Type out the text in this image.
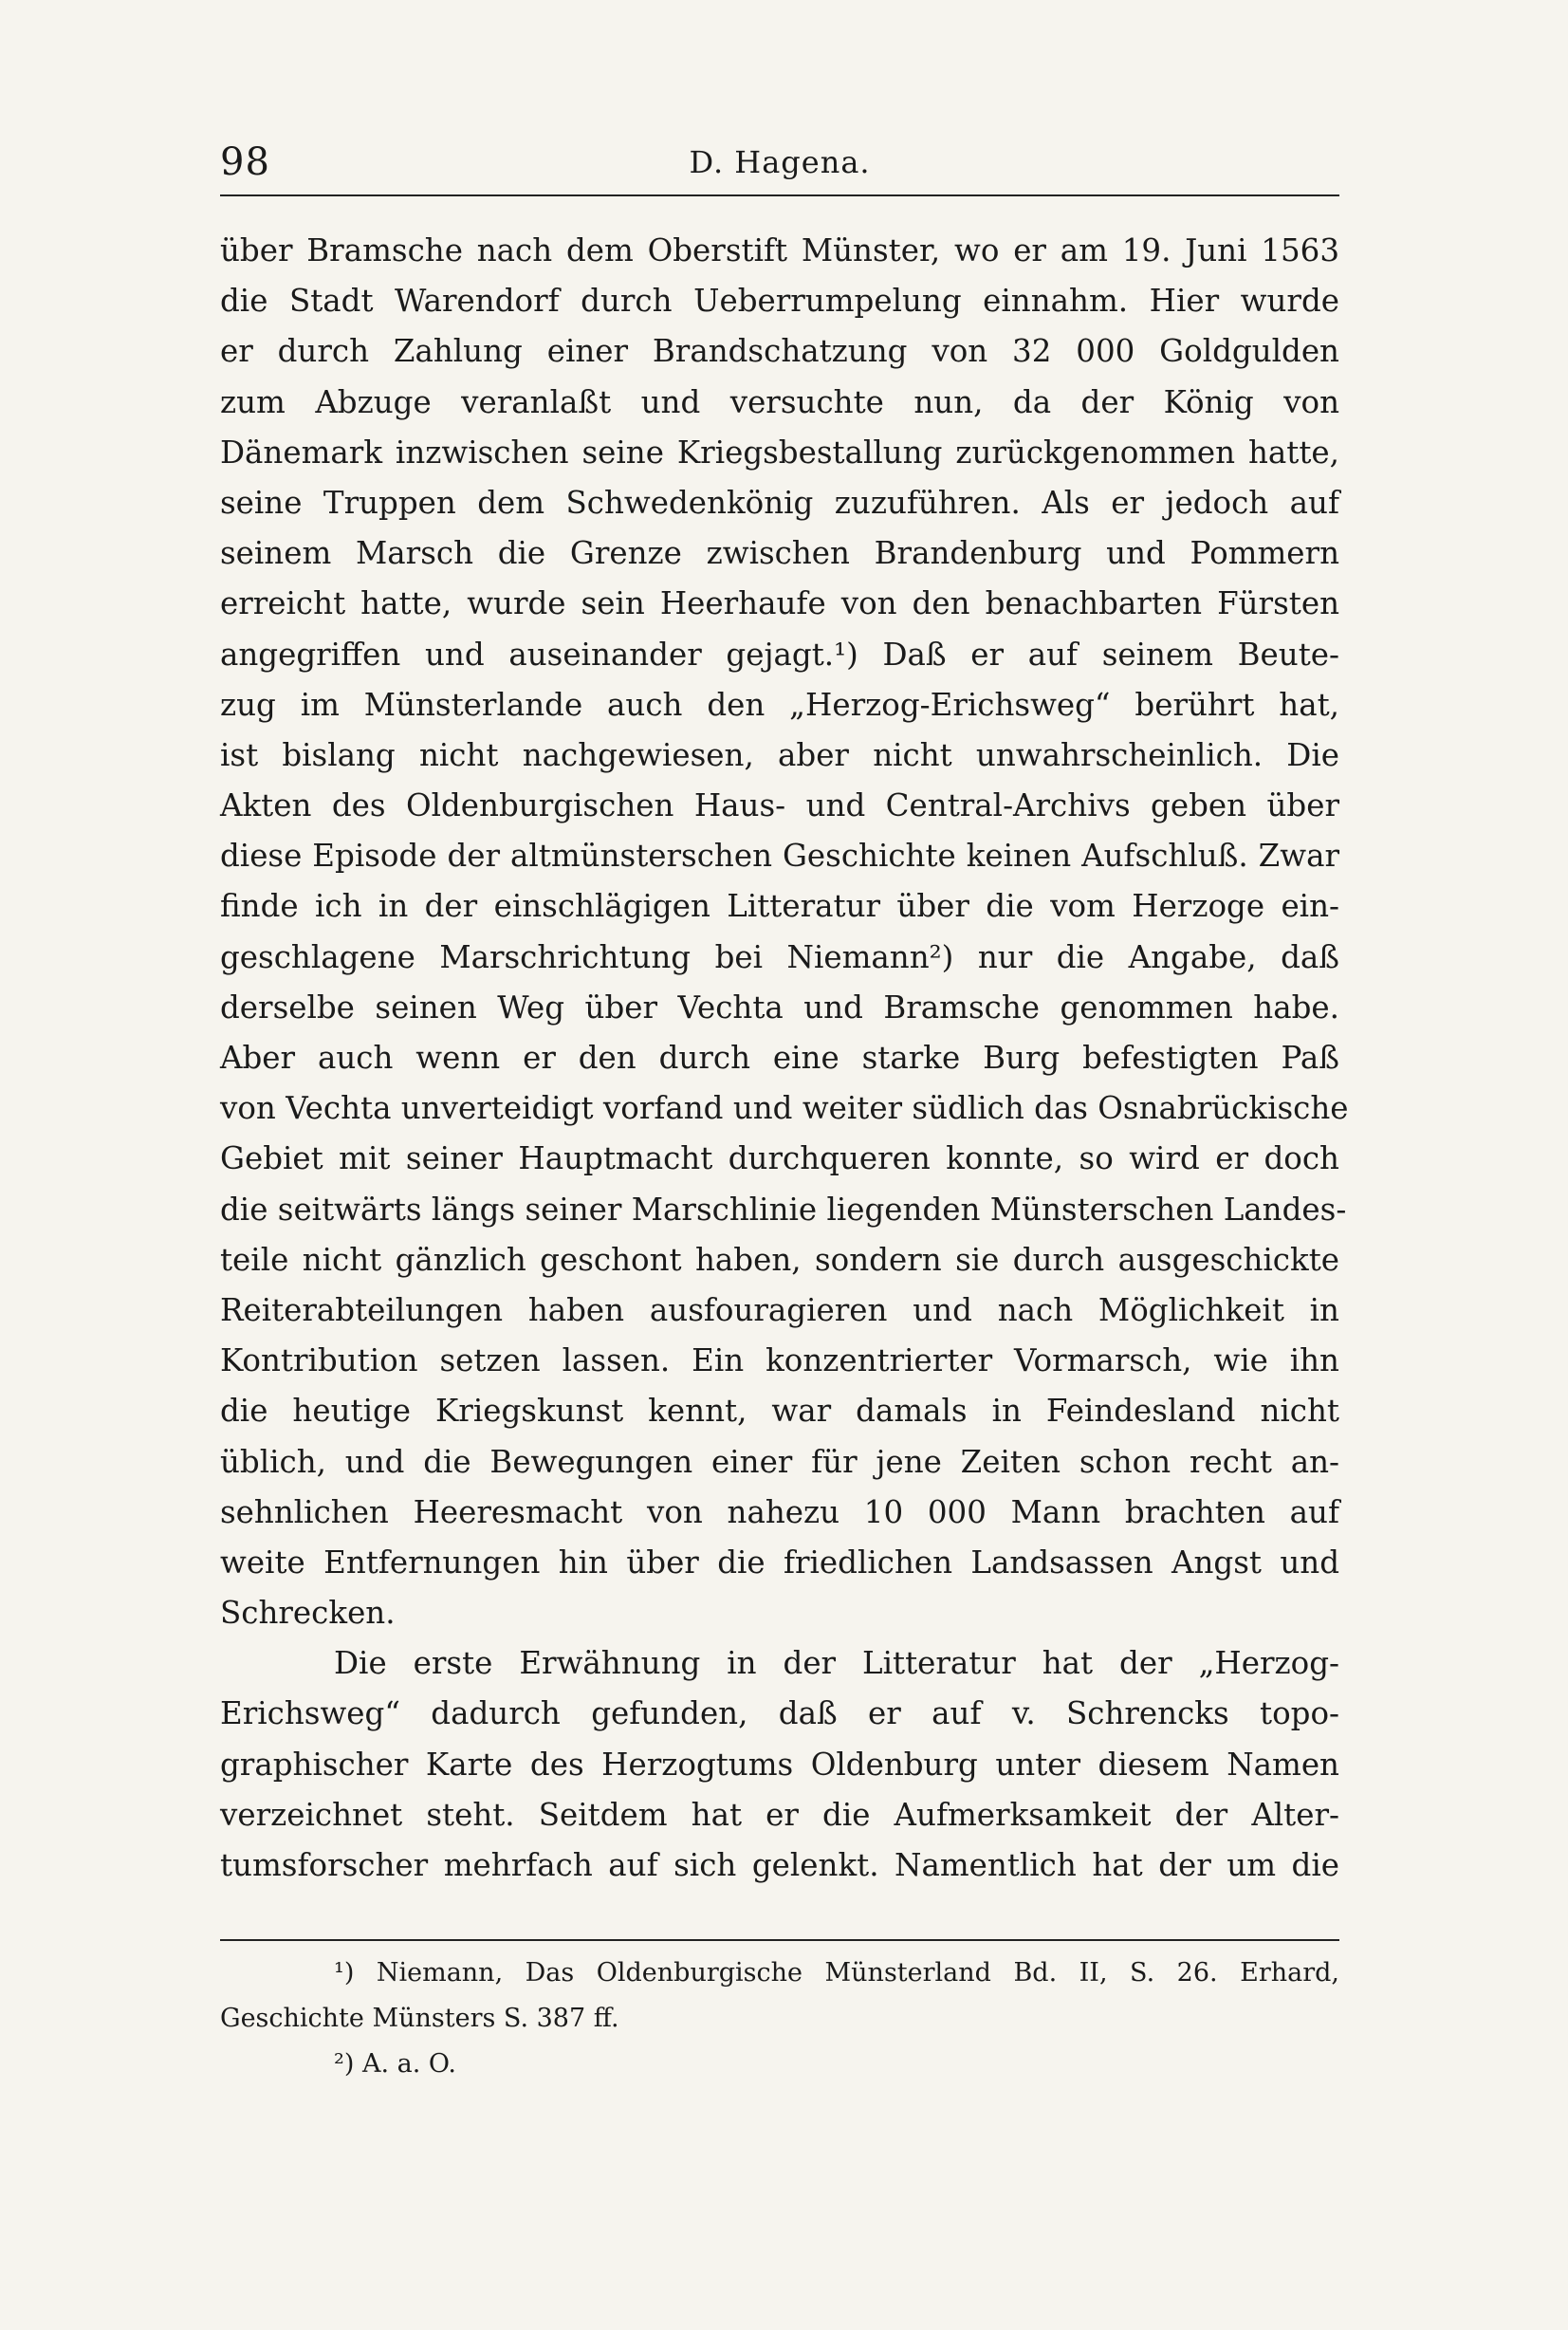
98	D. Hagena.
über Bramsche nach dem Oberstift Münster, wo er am 19. Juni 1563
die Stadt Warendorf durch Ueberrumpelung einnahm. Hier wurde
er durch Zahlung einer Brandschatzung von 32 000 Goldgulden
zum Abzuge veranlaßt und versuchte nun, da der König von
Dänemark inzwischen seine Kriegsbestallung zurückgenommen hatte,
seine Truppen dem Schwedenkönig zuzuführen. Als er jedoch auf
seinem Marsch die Grenze zwischen Brandenburg und Pommern
erreicht hatte, wurde sein Heerhaufe von den benachbarten Fürsten
angegriffen und auseinander gejagt.¹) Daß er auf seinem Beute-
zug im Münsterlande auch den „Herzog-Erichsweg“ berührt hat,
ist bislang nicht nachgewiesen, aber nicht unwahrscheinlich. Die
Akten des Oldenburgischen Haus- und Central-Archivs geben über
diese Episode der altmünsterschen Geschichte keinen Aufschluß. Zwar
finde ich in der einschlägigen Litteratur über die vom Herzoge ein-
geschlagene Marschrichtung bei Niemann²) nur die Angabe, daß
derselbe seinen Weg über Vechta und Bramsche genommen habe.
Aber auch wenn er den durch eine starke Burg befestigten Paß
von Vechta unverteidigt vorfand und weiter südlich das Osnabrückische
Gebiet mit seiner Hauptmacht durchqueren konnte, so wird er doch
die seitwärts längs seiner Marschlinie liegenden Münsterschen Landes-
teile nicht gänzlich geschont haben, sondern sie durch ausgeschickte
Reiterabteilungen haben ausfouragieren und nach Möglichkeit in
Kontribution setzen lassen. Ein konzentrierter Vormarsch, wie ihn
die heutige Kriegskunst kennt, war damals in Feindesland nicht
üblich, und die Bewegungen einer für jene Zeiten schon recht an-
sehnlichen Heeresmacht von nahezu 10 000 Mann brachten auf
weite Entfernungen hin über die friedlichen Landsassen Angst und
Schrecken.
Die erste Erwähnung in der Litteratur hat der „Herzog-
Erichsweg“ dadurch gefunden, daß er auf v. Schrencks topo-
graphischer Karte des Herzogtums Oldenburg unter diesem Namen
verzeichnet steht. Seitdem hat er die Aufmerksamkeit der Alter-
tumsforscher mehrfach auf sich gelenkt. Namentlich hat der um die
¹) Niemann, Das Oldenburgische Münsterland Bd. II, S. 26. Erhard,
Geschichte Münsters S. 387 ff.
²) A. a. O.
